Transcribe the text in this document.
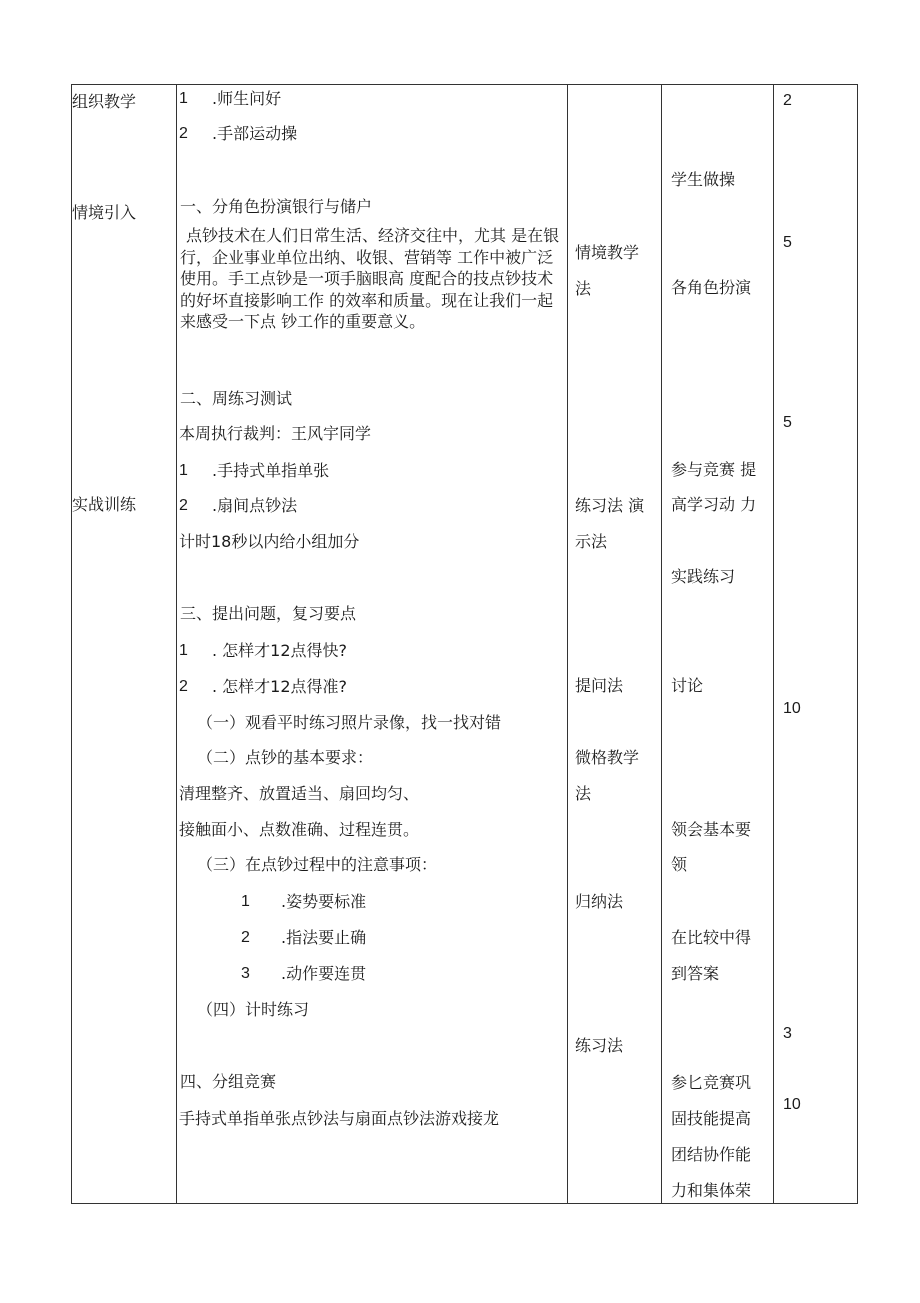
组织教学
情境引入
实战训练
1 .师生问好
2 .手部运动操
一、分角色扮演银行与储户
点钞技术在人们日常生活、经济交往中，尤其 是在银行，企业事业单位出纳、收银、营销等 工作中被广泛使用。手工点钞是一项手脑眼高 度配合的技点钞技术的好坏直接影响工作 的效率和质量。现在让我们一起来感受一下点 钞工作的重要意义。
二、周练习测试
本周执行裁判：王风宇同学
1 .手持式单指单张
2 .扇间点钞法
计时18秒以内给小组加分
三、提出问题，复习要点
1 . 怎样才12点得快?
2 . 怎样才12点得准?
（一）观看平时练习照片录像，找一找对错
（二）点钞的基本要求：
清理整齐、放置适当、扇回均匀、
接触面小、点数准确、过程连贯。
（三）在点钞过程中的注意事项：
1 .姿势要标准
2 .指法要止确
3 .动作要连贯
（四）计时练习
四、分组竞赛
手持式单指单张点钞法与扇面点钞法游戏接龙
情境教学
法
练习法 演
示法
提问法
微格教学
法
归纳法
练习法
学生做操
各角色扮演
参与竞赛 提
高学习动 力
实践练习
讨论
领会基本要
领
在比较中得
到答案
参匕竞赛巩
固技能提高
团结协作能
力和集体荣
2
5
5
10
3
10
